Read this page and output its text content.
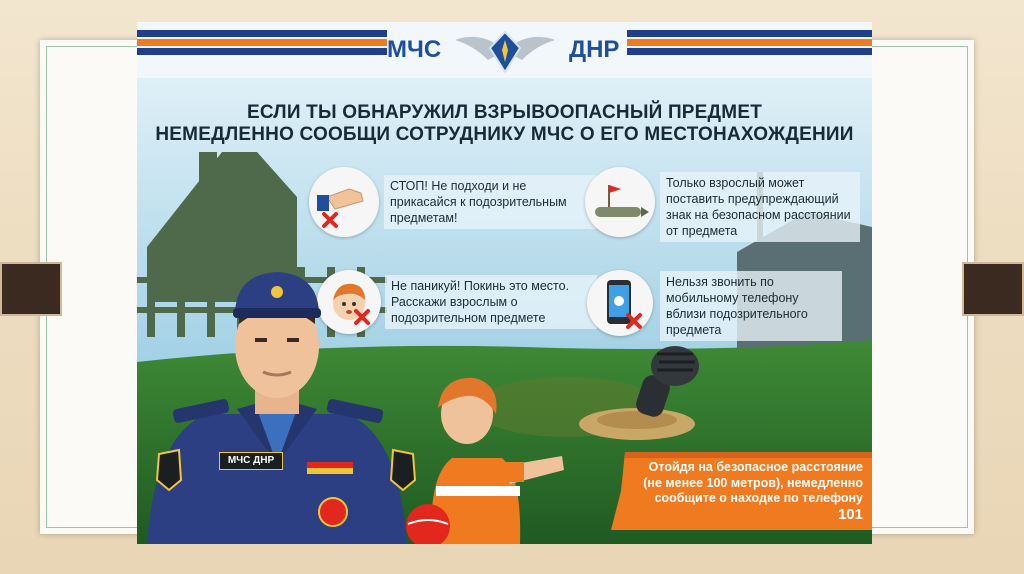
МЧС	ДНР
ЕСЛИ ТЫ ОБНАРУЖИЛ ВЗРЫВООПАСНЫЙ ПРЕДМЕТ
НЕМЕДЛЕННО СООБЩИ СОТРУДНИКУ МЧС О ЕГО МЕСТОНАХОЖДЕНИИ
СТОП! Не подходи и не прикасайся к подозрительным предметам!
Только взрослый может поставить предупреждающий знак на безопасном расстоянии от предмета
Не паникуй! Покинь это место. Расскажи взрослым о подозрительном предмете
Нельзя звонить по мобильному телефону вблизи подозрительного предмета
МЧС ДНР	Отойдя на безопасное расстояние (не менее 100 метров), немедленно сообщите о находке по телефону 101
